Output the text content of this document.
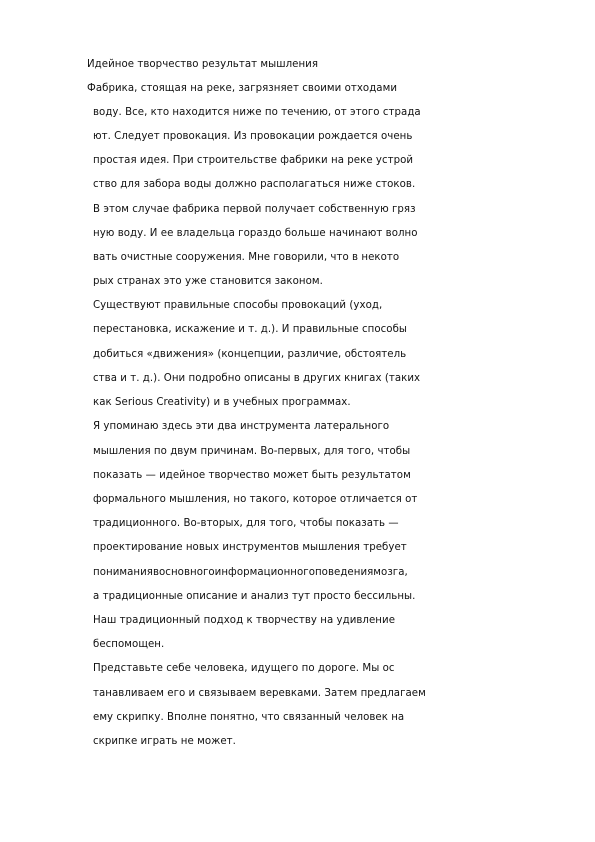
Идейное творчество результат мышления
Фабрика, стоящая на реке, загрязняет своими отходами
воду. Все, кто находится ниже по течению, от этого страда
ют. Следует провокация. Из провокации рождается очень
простая идея. При строительстве фабрики на реке устрой
ство для забора воды должно располагаться ниже стоков.
В этом случае фабрика первой получает собственную гряз
ную воду. И ее владельца гораздо больше начинают волно
вать очистные сооружения. Мне говорили, что в некото
рых странах это уже становится законом.
Существуют правильные способы провокаций (уход,
перестановка, искажение и т. д.). И правильные способы
добиться «движения» (концепции, различие, обстоятель
ства и т. д.). Они подробно описаны в других книгах (таких
как Serious Creativity) и в учебных программах.
Я упоминаю здесь эти два инструмента латерального
мышления по двум причинам. Во-первых, для того, чтобы
показать — идейное творчество может быть результатом
формального мышления, но такого, которое отличается от
традиционного. Во-вторых, для того, чтобы показать —
проектирование новых инструментов мышления требует
пониманиявосновногоинформационногоповедениямозга,
а традиционные описание и анализ тут просто бессильны.
Наш традиционный подход к творчеству на удивление
беспомощен.
Представьте себе человека, идущего по дороге. Мы ос
танавливаем его и связываем веревками. Затем предлагаем
ему скрипку. Вполне понятно, что связанный человек на
скрипке играть не может.
